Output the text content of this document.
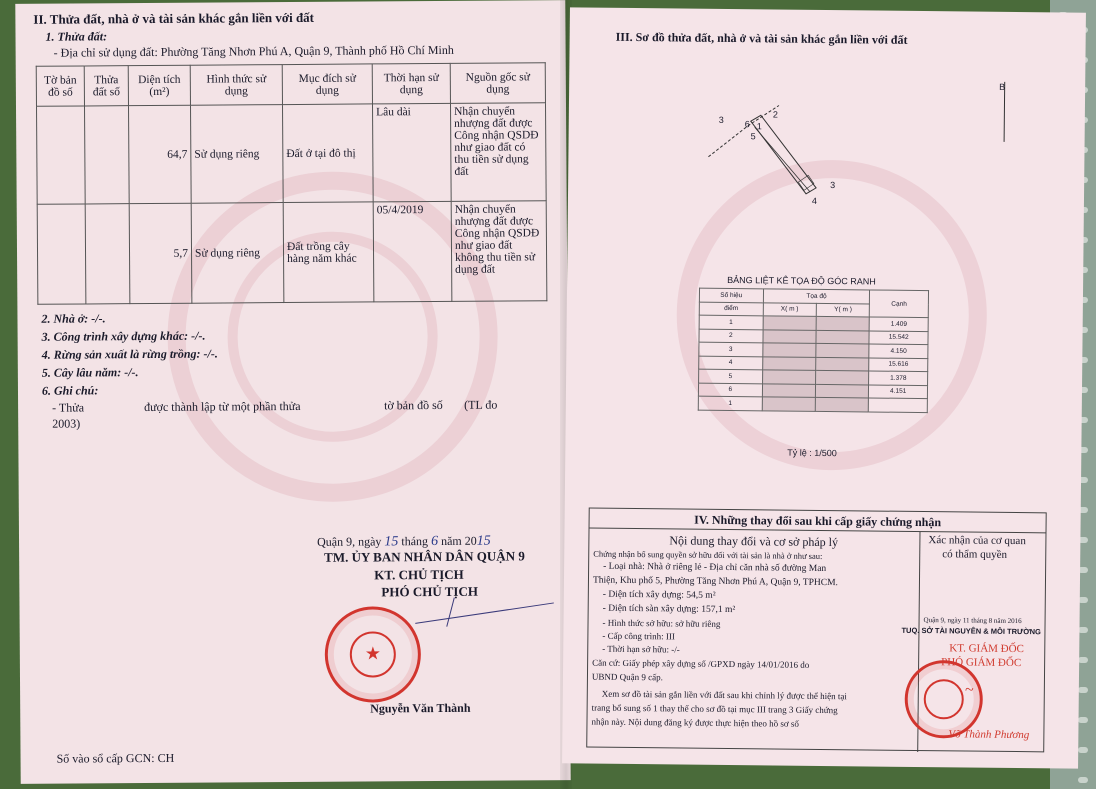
II. Thửa đất, nhà ở và tài sản khác gắn liền với đất
1. Thửa đất:
- Địa chỉ sử dụng đất: Phường Tăng Nhơn Phú A, Quận 9, Thành phố Hồ Chí Minh
Tờ bản đồ số	Thửa đất số	Diện tích (m²)	Hình thức sử dụng	Mục đích sử dụng	Thời hạn sử dụng	Nguồn gốc sử dụng
		64,7	Sử dụng riêng	Đất ở tại đô thị	Lâu dài	Nhận chuyển nhượng đất được Công nhận QSDĐ như giao đất có thu tiền sử dụng đất
		5,7	Sử dụng riêng	Đất trồng cây hàng năm khác	05/4/2019	Nhận chuyển nhượng đất được Công nhận QSDĐ như giao đất không thu tiền sử dụng đất
2. Nhà ở: -/-.
3. Công trình xây dựng khác: -/-.
4. Rừng sản xuất là rừng trồng: -/-.
5. Cây lâu năm: -/-.
6. Ghi chú:
- Thửa	được thành lập từ một phần thửa	tờ bản đồ số (TL đo
2003)
Quận 9, ngày 15 tháng 6 năm 2015
TM. ỦY BAN NHÂN DÂN QUẬN 9
KT. CHỦ TỊCH
PHÓ CHỦ TỊCH
★
Nguyễn Văn Thành
Số vào sổ cấp GCN: CH
III. Sơ đồ thửa đất, nhà ở và tài sản khác gắn liền với đất
B
3 6
2
5
1
3
4
BẢNG LIỆT KÊ TỌA ĐỘ GÓC RANH
Số hiệu	Tọa độ		Cạnh
điểm	X( m )	Y( m )	
1			1.409
2			15.542
3			4.150
4			15.616
5			1.378
6			4.151
1			
Tỷ lệ : 1/500
IV. Những thay đổi sau khi cấp giấy chứng nhận
Nội dung thay đổi và cơ sở pháp lý	Xác nhận của cơ quan
có thẩm quyền
Quận 9, ngày 11 tháng 8 năm 2016
TUQ. SỞ TÀI NGUYÊN & MÔI TRƯỜNG
KT. GIÁM ĐỐC
PHÓ GIÁM ĐỐC
~
Võ Thành Phương
Chứng nhận bổ sung quyền sở hữu đối với tài sản là nhà ở như sau:
- Loại nhà: Nhà ở riêng lẻ - Địa chỉ căn nhà số đường Man
Thiện, Khu phố 5, Phường Tăng Nhơn Phú A, Quận 9, TPHCM.
- Diện tích xây dựng: 54,5 m²
- Diện tích sàn xây dựng: 157,1 m²
- Hình thức sở hữu: sở hữu riêng
- Cấp công trình: III
- Thời hạn sở hữu: -/-
Căn cứ: Giấy phép xây dựng số /GPXD ngày 14/01/2016 do
UBND Quận 9 cấp.
Xem sơ đồ tài sản gắn liền với đất sau khi chỉnh lý được thể hiện tại
trang bổ sung số 1 thay thế cho sơ đồ tại mục III trang 3 Giấy chứng
nhận này. Nội dung đăng ký được thực hiện theo hồ sơ số
